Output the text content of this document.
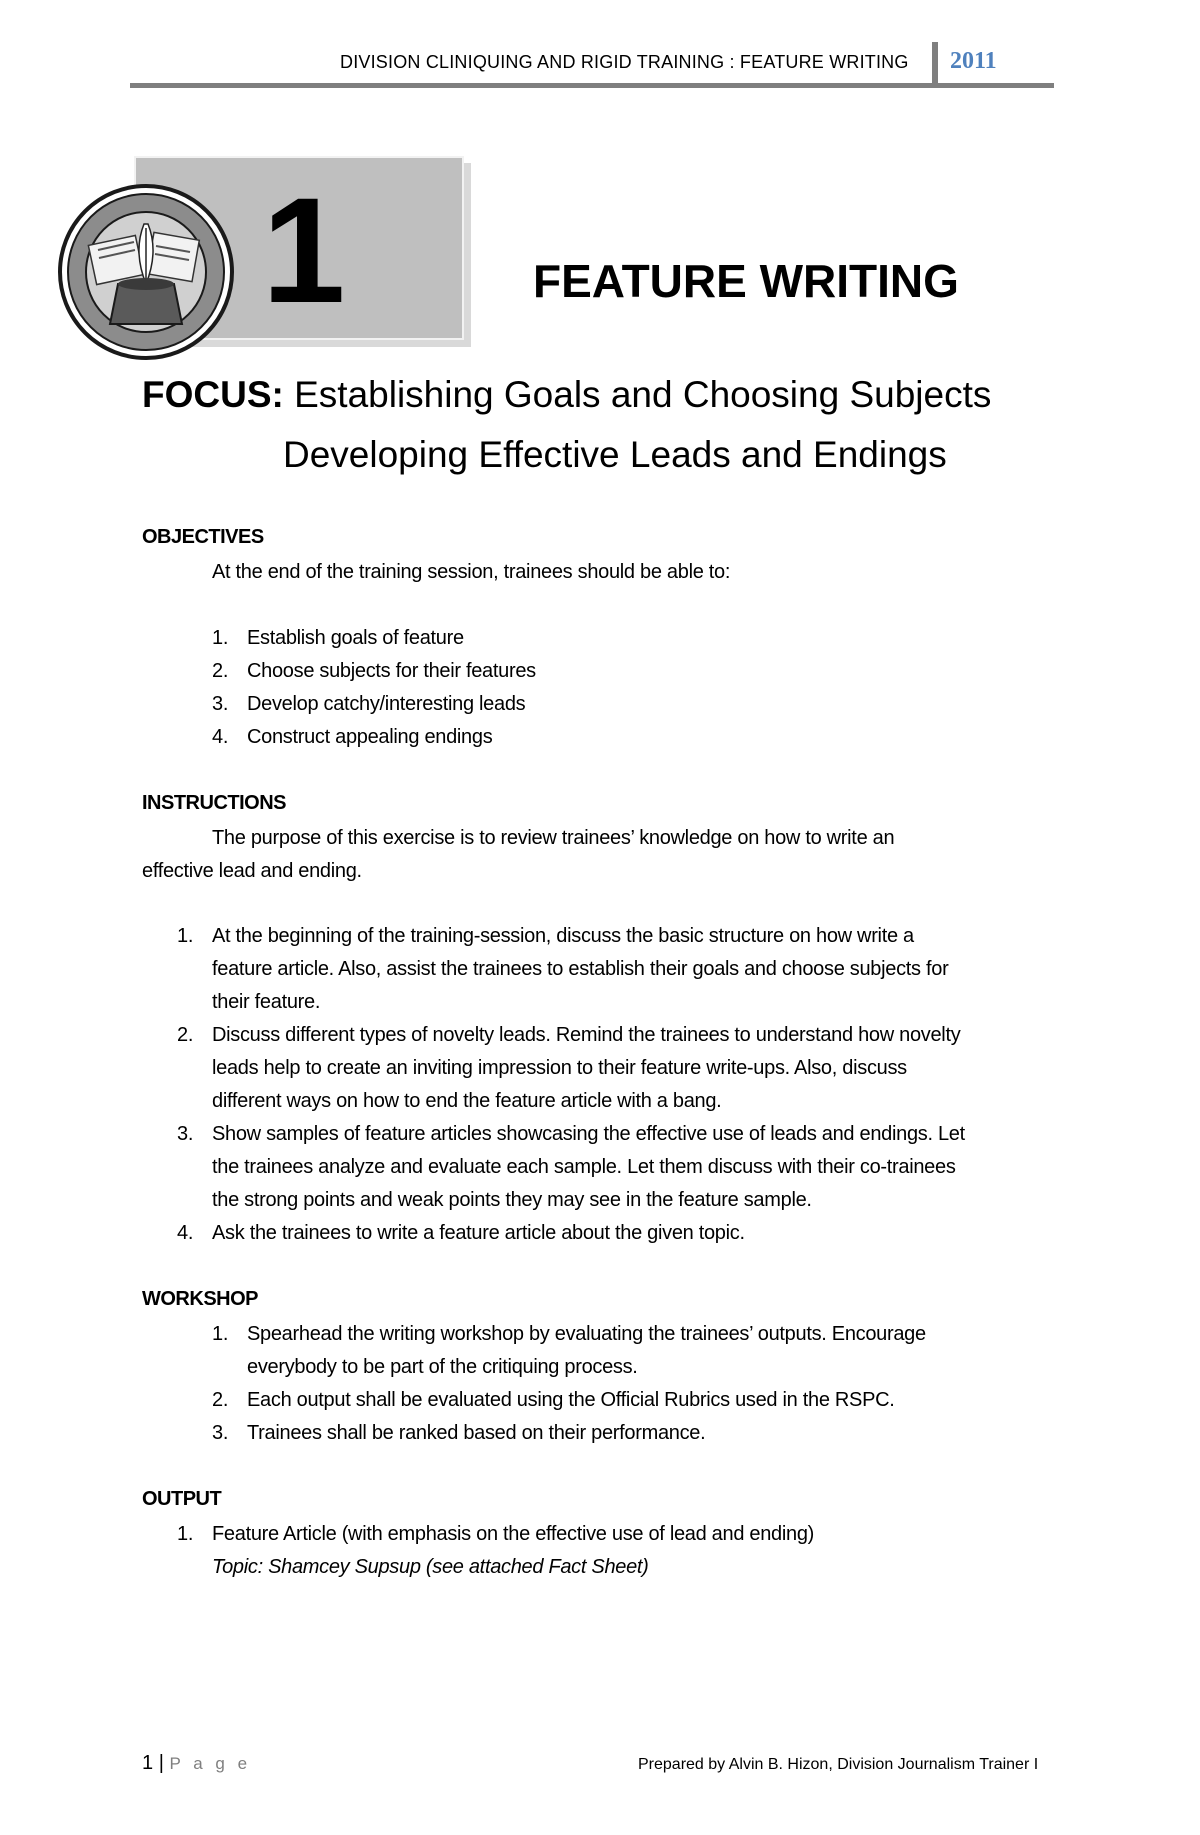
DIVISION CLINIQUING AND RIGID TRAINING : FEATURE WRITING 2011
1	FEATURE WRITING
FOCUS: Establishing Goals and Choosing Subjects
Developing Effective Leads and Endings
OBJECTIVES
At the end of the training session, trainees should be able to:
1. Establish goals of feature
2. Choose subjects for their features
3. Develop catchy/interesting leads
4. Construct appealing endings
INSTRUCTIONS
The purpose of this exercise is to review trainees’ knowledge on how to write an
effective lead and ending.
1. At the beginning of the training-session, discuss the basic structure on how write a
feature article. Also, assist the trainees to establish their goals and choose subjects for
their feature.
2. Discuss different types of novelty leads. Remind the trainees to understand how novelty
leads help to create an inviting impression to their feature write-ups. Also, discuss
different ways on how to end the feature article with a bang.
3. Show samples of feature articles showcasing the effective use of leads and endings. Let
the trainees analyze and evaluate each sample. Let them discuss with their co-trainees
the strong points and weak points they may see in the feature sample.
4. Ask the trainees to write a feature article about the given topic.
WORKSHOP
1. Spearhead the writing workshop by evaluating the trainees’ outputs. Encourage
everybody to be part of the critiquing process.
2. Each output shall be evaluated using the Official Rubrics used in the RSPC.
3. Trainees shall be ranked based on their performance.
OUTPUT
1. Feature Article (with emphasis on the effective use of lead and ending)
Topic: Shamcey Supsup (see attached Fact Sheet)
1 | P a g e	Prepared by Alvin B. Hizon, Division Journalism Trainer I
